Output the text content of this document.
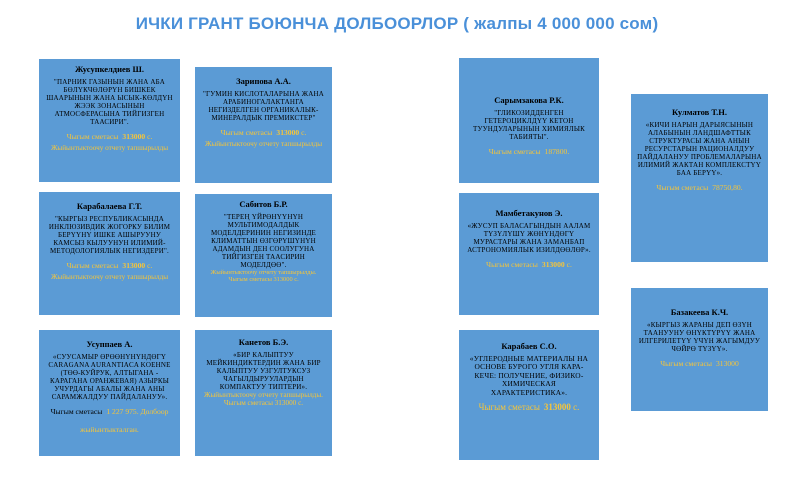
ИЧКИ ГРАНТ БОЮНЧА ДОЛБООРЛОР ( жалпы 4 000 000 сом)
Жусупкелдиев Ш.
"ПАРНИК ГАЗЫНЫН ЖАНА АБА БӨЛҮКЧӨЛӨРҮН БИШКЕК ШААРЫНЫН ЖАНА ЫСЫК-КӨЛДҮН ЖЭЭК ЗОНАСЫНЫН АТМОСФЕРАСЫНА ТИЙГИЗГЕН ТААСИРИ".
Чыгым сметасы 313000 с.
Жыйынтыктоочу отчету тапшырылды
Зарипова А.А.
"ГУМИН КИСЛОТАЛАРЫНА ЖАНА АРАБИНОГАЛАКТАНГА НЕГИЗДЕЛГЕН ОРГАНИКАЛЫК-МИНЕРАЛДЫК ПРЕМИКСТЕР"
Чыгым сметасы 313000 с.
Жыйынтыктоочу отчету тапшырылды
Сарымзакова Р.К.
"ГЛИКОЗИДДЕНГЕН ГЕТЕРОЦИКЛДҮҮ КЕТОН ТУУНДУЛАРЫНЫН ХИМИЯЛЫК ТАБИЯТЫ".
Чыгым сметасы 187800.
Кулматов Т.Н.
«КИЧИ НАРЫН ДАРЫЯСЫНЫН АЛАБЫНЫН ЛАНДШАФТТЫК СТРУКТУРАСЫ ЖАНА АНЫН РЕСУРСТАРЫН РАЦИОНАЛДУУ ПАЙДАЛАНУУ ПРОБЛЕМАЛАРЫНА ИЛИМИЙ ЖАКТАН КОМПЛЕКСТҮҮ БАА БЕРҮҮ».
Чыгым сметасы 78750,80.
Карабалаева Г.Т.
"КЫРГЫЗ РЕСПУБЛИКАСЫНДА ИНКЛЮЗИВДИК ЖОГОРКУ БИЛИМ БЕРҮҮНҮ ИШКЕ АШЫРУУНУ КАМСЫЗ КЫЛУУНУН ИЛИМИЙ-МЕТОДОЛОГИЯЛЫК НЕГИЗДЕРИ".
Чыгым сметасы 313000 с.
Жыйынтыктоочу отчету тапшырылды
Сабитов Б.Р.
"ТЕРЕҢ ҮЙРӨНҮҮНҮН МУЛЬТИМОДАЛДЫК МОДЕЛДЕРИНИН НЕГИЗИНДЕ КЛИМАТТЫН ӨЗГӨРҮШҮНҮН АДАМДЫН ДЕН СООЛУГУНА ТИЙГИЗГЕН ТААСИРИН МОДЕЛДӨӨ".
Жыйынтыктоочу отчету тапшырылды. Чыгым сметасы 313000 с.
Мамбетакунов Э.
«ЖУСУП БАЛАСАГЫНДЫН ААЛАМ ТҮЗҮЛҮШҮ ЖӨНҮНДӨГҮ МУРАСТАРЫ ЖАНА ЗАМАНБАП АСТРОНОМИЯЛЫК ИЗИЛДӨӨЛӨР».
Чыгым сметасы 313000 с.
Базакеева К.Ч.
«КЫРГЫЗ ЖАРАНЫ ДЕП ӨЗҮН ТААНУУНУ ӨНҮКТҮРҮҮ ЖАНА ИЛГЕРИЛЕТҮҮ ҮЧҮН ЖАГЫМДУУ ЧӨЙРӨ ТҮЗҮҮ».
Чыгым сметасы 313000
Усуппаев А.
«СУУСАМЫР ӨРӨӨНҮНҮНДӨГҮ CARAGANA AURANTIACA KOEHNE (ТӨӨ-КУЙРУК, АЛТЫГАНА - КАРАГАНА ОРАНЖЕВАЯ) АЗЫРКЫ УЧУРДАГЫ АБАЛЫ ЖАНА АНЫ САРАМЖАЛДУУ ПАЙДАЛАНУУ».
Чыгым сметасы 1 227 975. Долбоор жыйынтыкталган.
Канетов Б.Э.
«БИР КАЛЫПТУУ МЕЙКИНДИКТЕРДИН ЖАНА БИР КАЛЫПТУУ УЗГУЛТУКСУЗ ЧАГЫЛДЫРУУЛАРДЫН КОМПАКТУУ ТИПТЕРИ».
Жыйынтыктоочу отчету тапшырылды. Чыгым сметасы 313000 с.
Карабаев С.О.
«УГЛЕРОДНЫЕ МАТЕРИАЛЫ НА ОСНОВЕ БУРОГО УГЛЯ КАРА-КЕЧЕ: ПОЛУЧЕНИЕ, ФИЗИКО-ХИМИЧЕСКАЯ ХАРАКТЕРИСТИКА».
Чыгым сметасы 313000 с.
